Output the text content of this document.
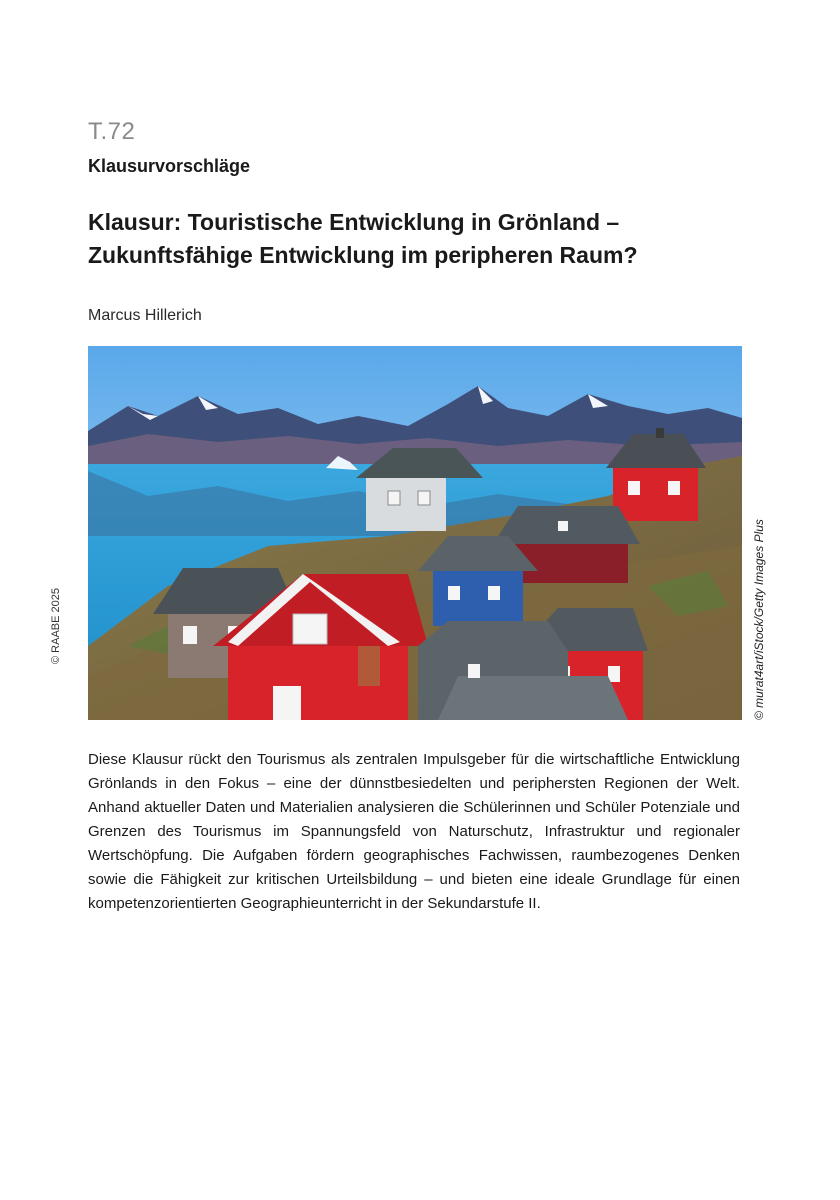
T.72
Klausurvorschläge
Klausur: Touristische Entwicklung in Grönland – Zukunftsfähige Entwicklung im peripheren Raum?
Marcus Hillerich
© murat4art/iStock/Getty Images Plus
© RAABE 2025

Diese Klausur rückt den Tourismus als zentralen Impulsgeber für die wirtschaftliche Entwicklung Grönlands in den Fokus – eine der dünnstbesiedelten und periphersten Regionen der Welt. Anhand aktueller Daten und Materialien analysieren die Schülerinnen und Schüler Potenziale und Grenzen des Tourismus im Spannungsfeld von Naturschutz, Infrastruktur und regionaler Wertschöpfung. Die Aufgaben fördern geographisches Fachwissen, raumbezogenes Denken sowie die Fähigkeit zur kritischen Urteilsbildung – und bieten eine ideale Grundlage für einen kompetenzorientierten Geographieunterricht in der Sekundarstufe II.
